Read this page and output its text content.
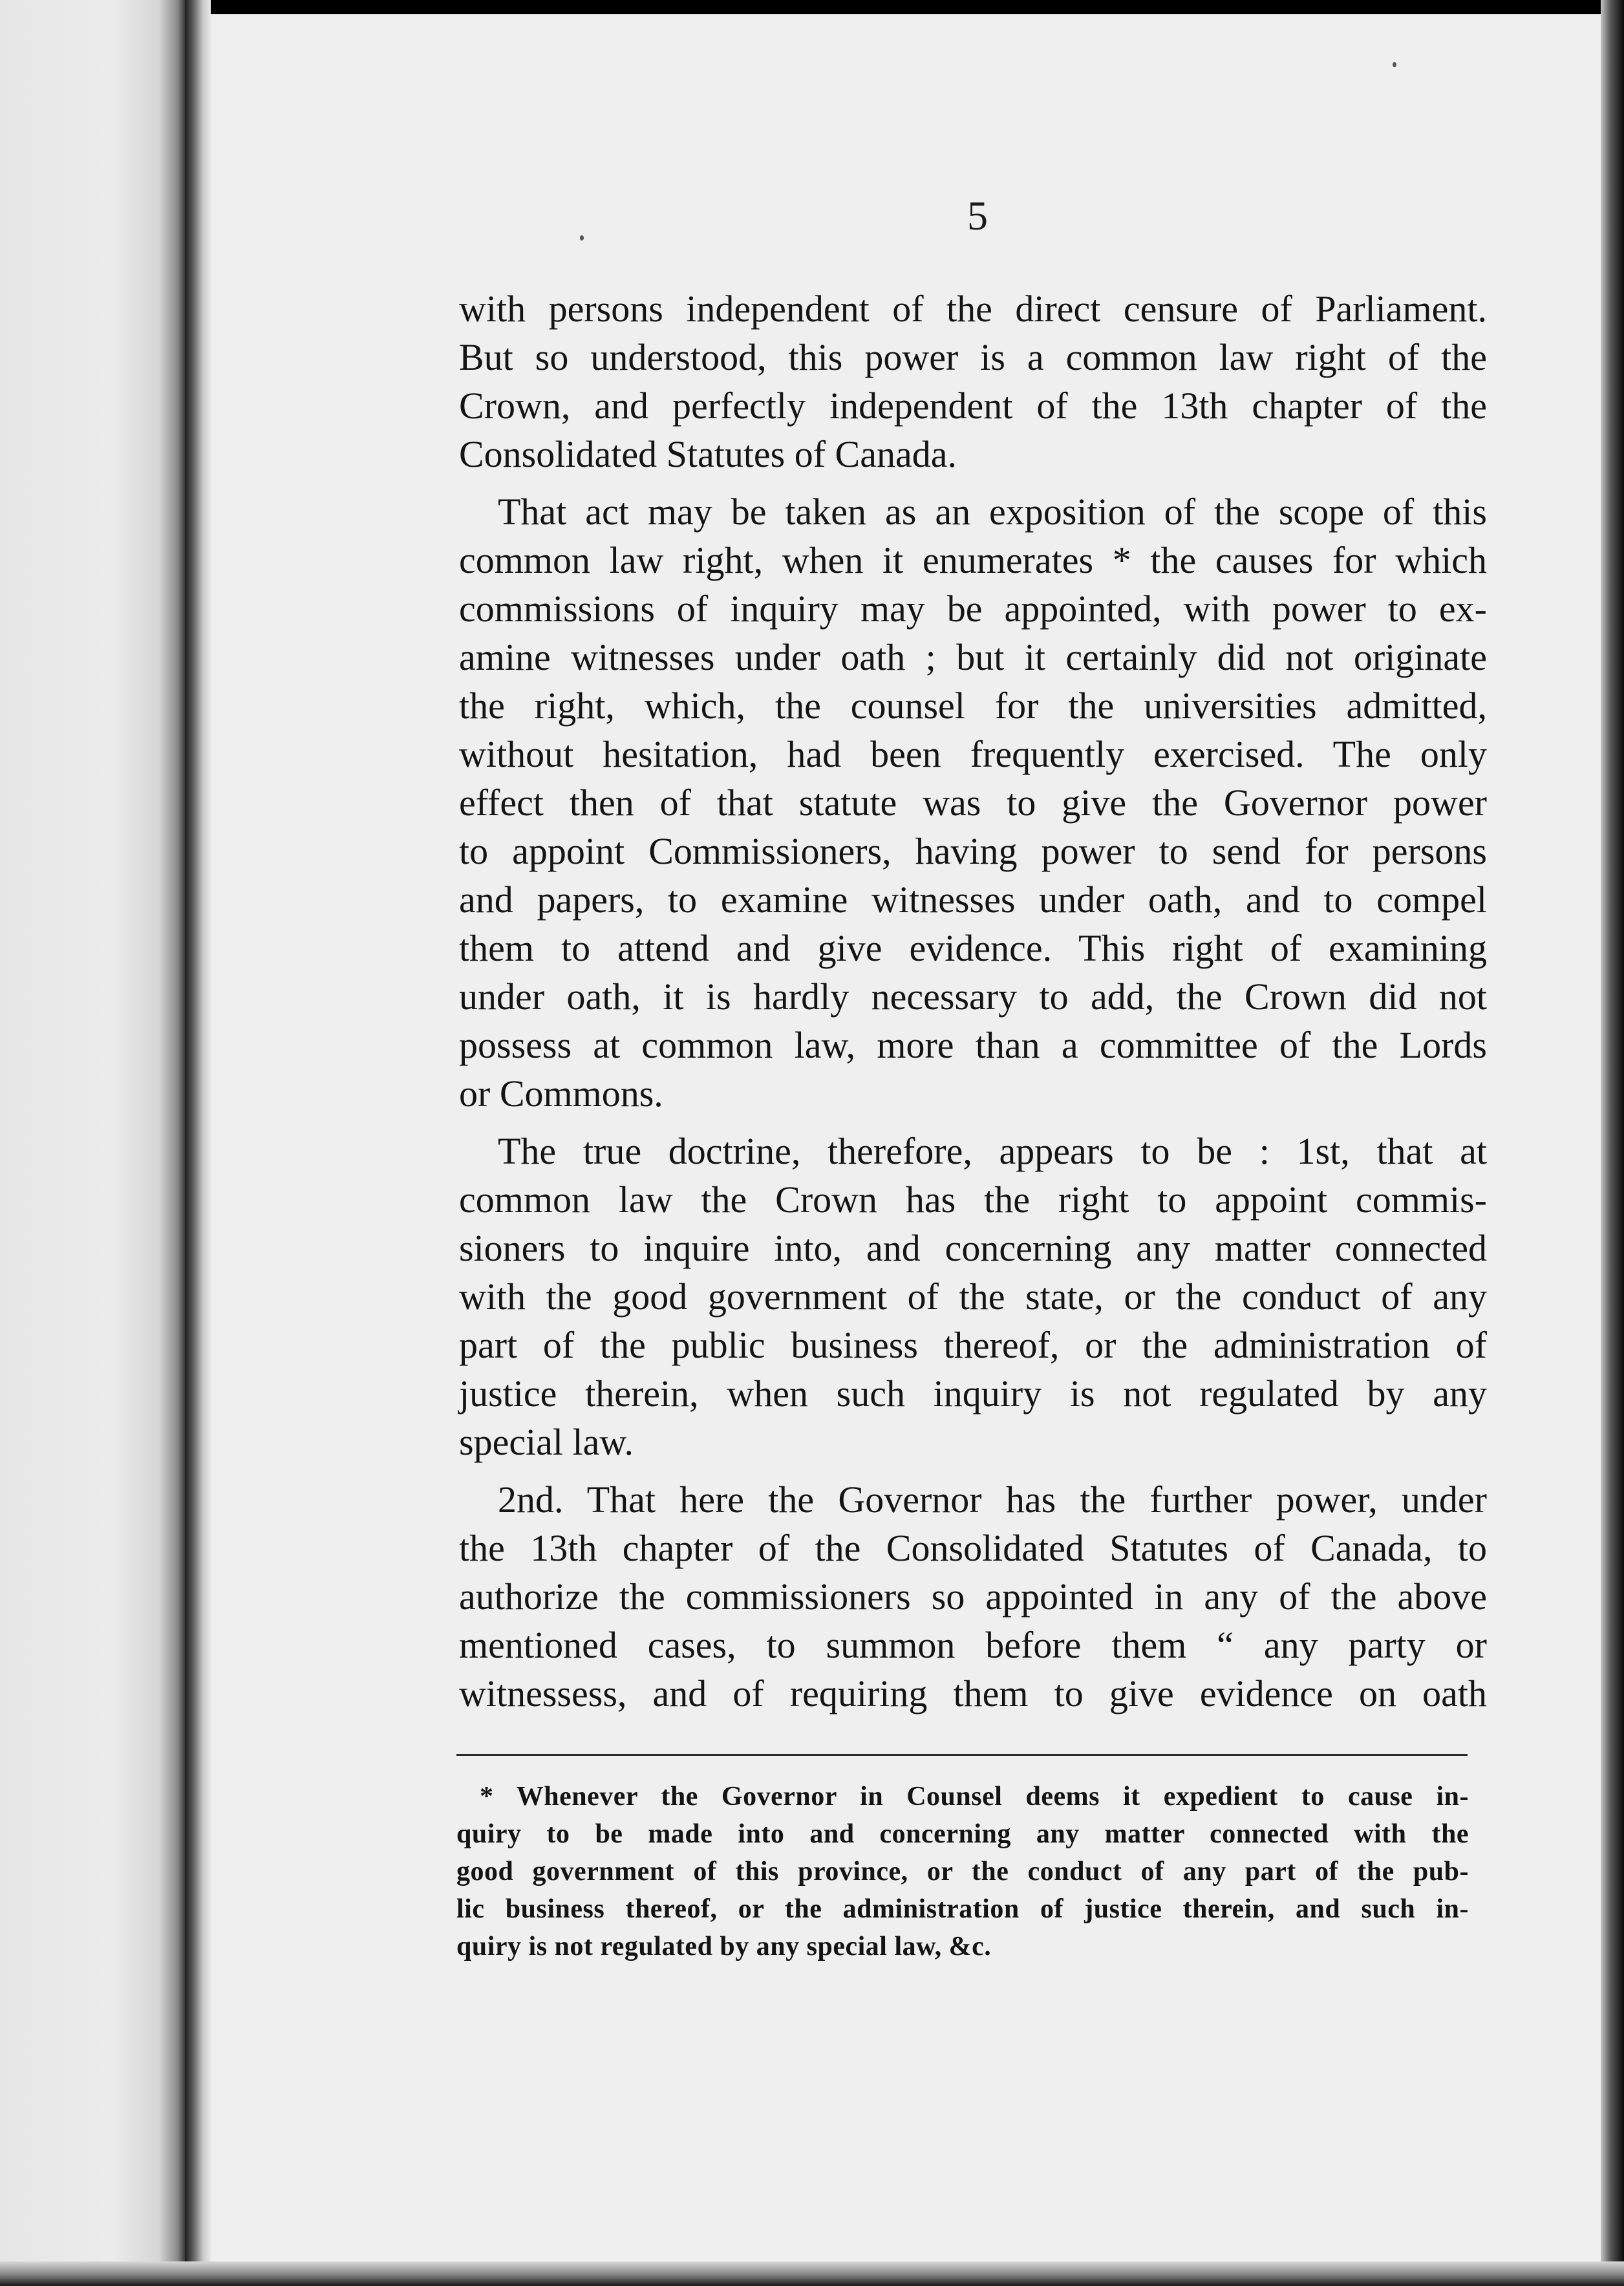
5
with persons independent of the direct censure of Parliament.
But so understood, this power is a common law right of the
Crown, and perfectly independent of the 13th chapter of the
Consolidated Statutes of Canada.
That act may be taken as an exposition of the scope of this
common law right, when it enumerates * the causes for which
commissions of inquiry may be appointed, with power to ex-
amine witnesses under oath ; but it certainly did not originate
the right, which, the counsel for the universities admitted,
without hesitation, had been frequently exercised. The only
effect then of that statute was to give the Governor power
to appoint Commissioners, having power to send for persons
and papers, to examine witnesses under oath, and to compel
them to attend and give evidence. This right of examining
under oath, it is hardly necessary to add, the Crown did not
possess at common law, more than a committee of the Lords
or Commons.
The true doctrine, therefore, appears to be : 1st, that at
common law the Crown has the right to appoint commis-
sioners to inquire into, and concerning any matter connected
with the good government of the state, or the conduct of any
part of the public business thereof, or the administration of
justice therein, when such inquiry is not regulated by any
special law.
2nd. That here the Governor has the further power, under
the 13th chapter of the Consolidated Statutes of Canada, to
authorize the commissioners so appointed in any of the above
mentioned cases, to summon before them “ any party or
witnessess, and of requiring them to give evidence on oath
* Whenever the Governor in Counsel deems it expedient to cause in-
quiry to be made into and concerning any matter connected with the
good government of this province, or the conduct of any part of the pub-
lic business thereof, or the administration of justice therein, and such in-
quiry is not regulated by any special law, &c.
